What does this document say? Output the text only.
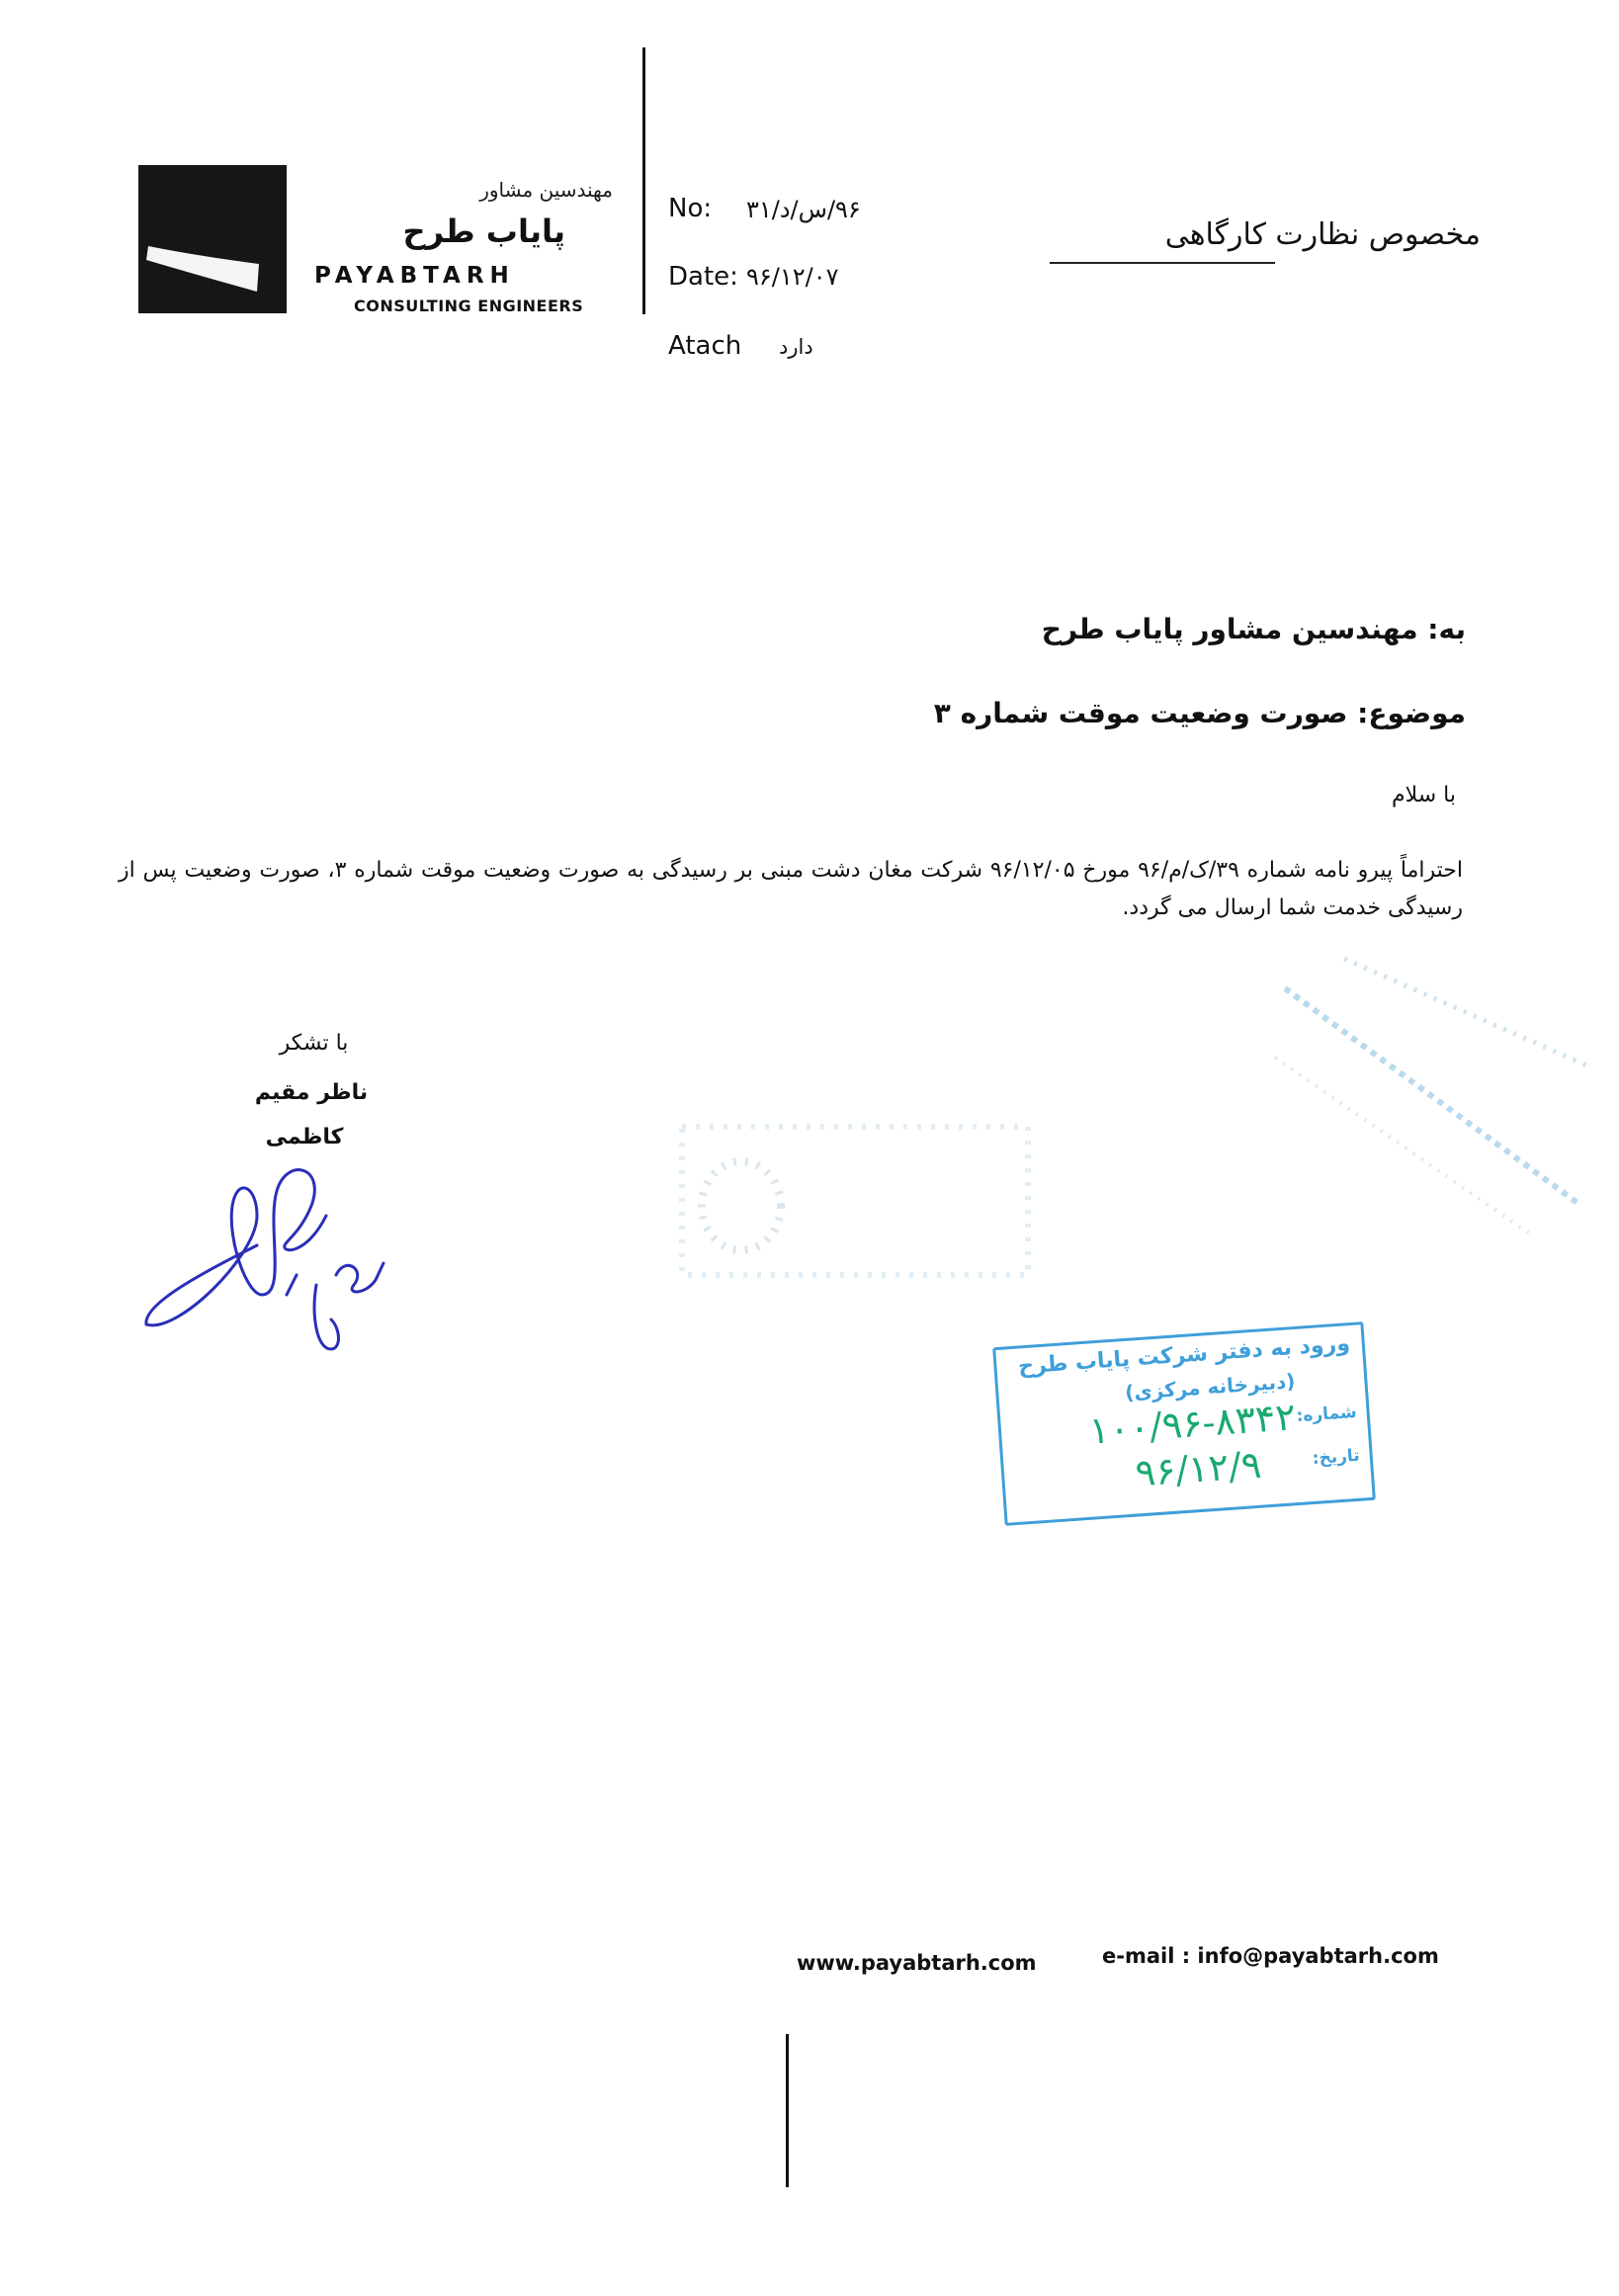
مهندسین مشاور
پایاب طرح
PAYABTARH
CONSULTING ENGINEERS
No: ۹۶/س/د/۳۱
Date: ۹۶/۱۲/۰۷
Atach دارد
مخصوص نظارت کارگاهی
به: مهندسین مشاور پایاب طرح
موضوع: صورت وضعیت موقت شماره ۳
با سلام
احتراماً پیرو نامه شماره ۳۹/ک/م/۹۶ مورخ ۹۶/۱۲/۰۵ شرکت مغان دشت مبنی بر رسیدگی به صورت وضعیت موقت شماره ۳، صورت وضعیت پس از رسیدگی خدمت شما ارسال می گردد.
با تشکر
ناظر مقیم
کاظمی
ورود به دفتر شرکت پایاب طرح
(دبیرخانه مرکزی)
شماره:
۱۰۰/۹۶-۸۳۴۲
تاریخ:
۹۶/۱۲/۹
www.payabtarh.com	e-mail : info@payabtarh.com
